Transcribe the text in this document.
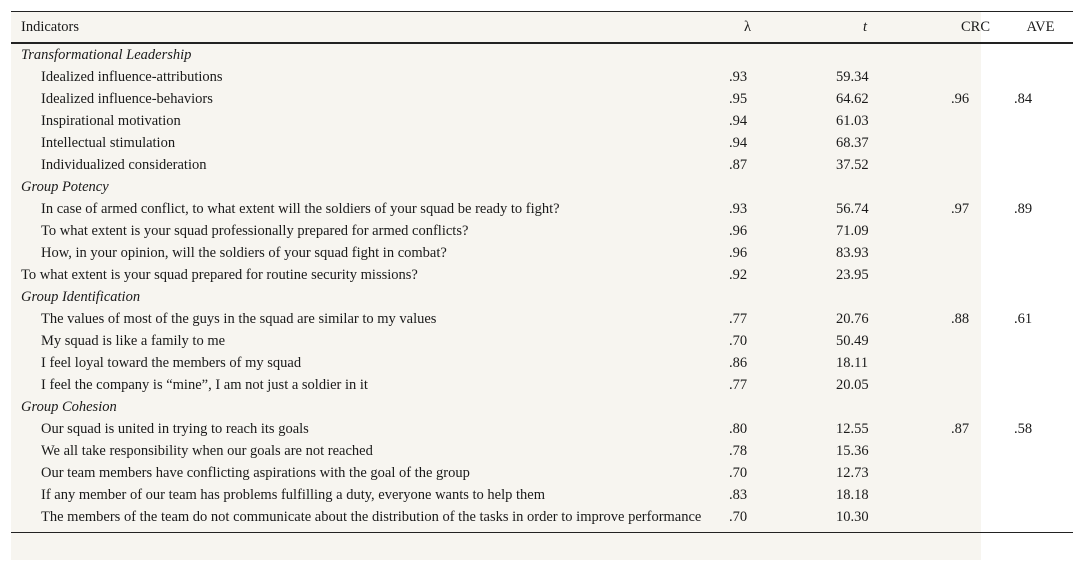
Indicators	λ	t	CRC	AVE
Transformational Leadership				
Idealized influence-attributions	.93	59.34		
Idealized influence-behaviors	.95	64.62	.96	.84
Inspirational motivation	.94	61.03		
Intellectual stimulation	.94	68.37		
Individualized consideration	.87	37.52		
Group Potency				
In case of armed conflict, to what extent will the soldiers of your squad be ready to fight?	.93	56.74	.97	.89
To what extent is your squad professionally prepared for armed conflicts?	.96	71.09		
How, in your opinion, will the soldiers of your squad fight in combat?	.96	83.93		
To what extent is your squad prepared for routine security missions?	.92	23.95		
Group Identification				
The values of most of the guys in the squad are similar to my values	.77	20.76	.88	.61
My squad is like a family to me	.70	50.49		
I feel loyal toward the members of my squad	.86	18.11		
I feel the company is “mine”, I am not just a soldier in it	.77	20.05		
Group Cohesion				
Our squad is united in trying to reach its goals	.80	12.55	.87	.58
We all take responsibility when our goals are not reached	.78	15.36		
Our team members have conflicting aspirations with the goal of the group	.70	12.73		
If any member of our team has problems fulfilling a duty, everyone wants to help them	.83	18.18		
The members of the team do not communicate about the distribution of the tasks in order to improve performance	.70	10.30		
